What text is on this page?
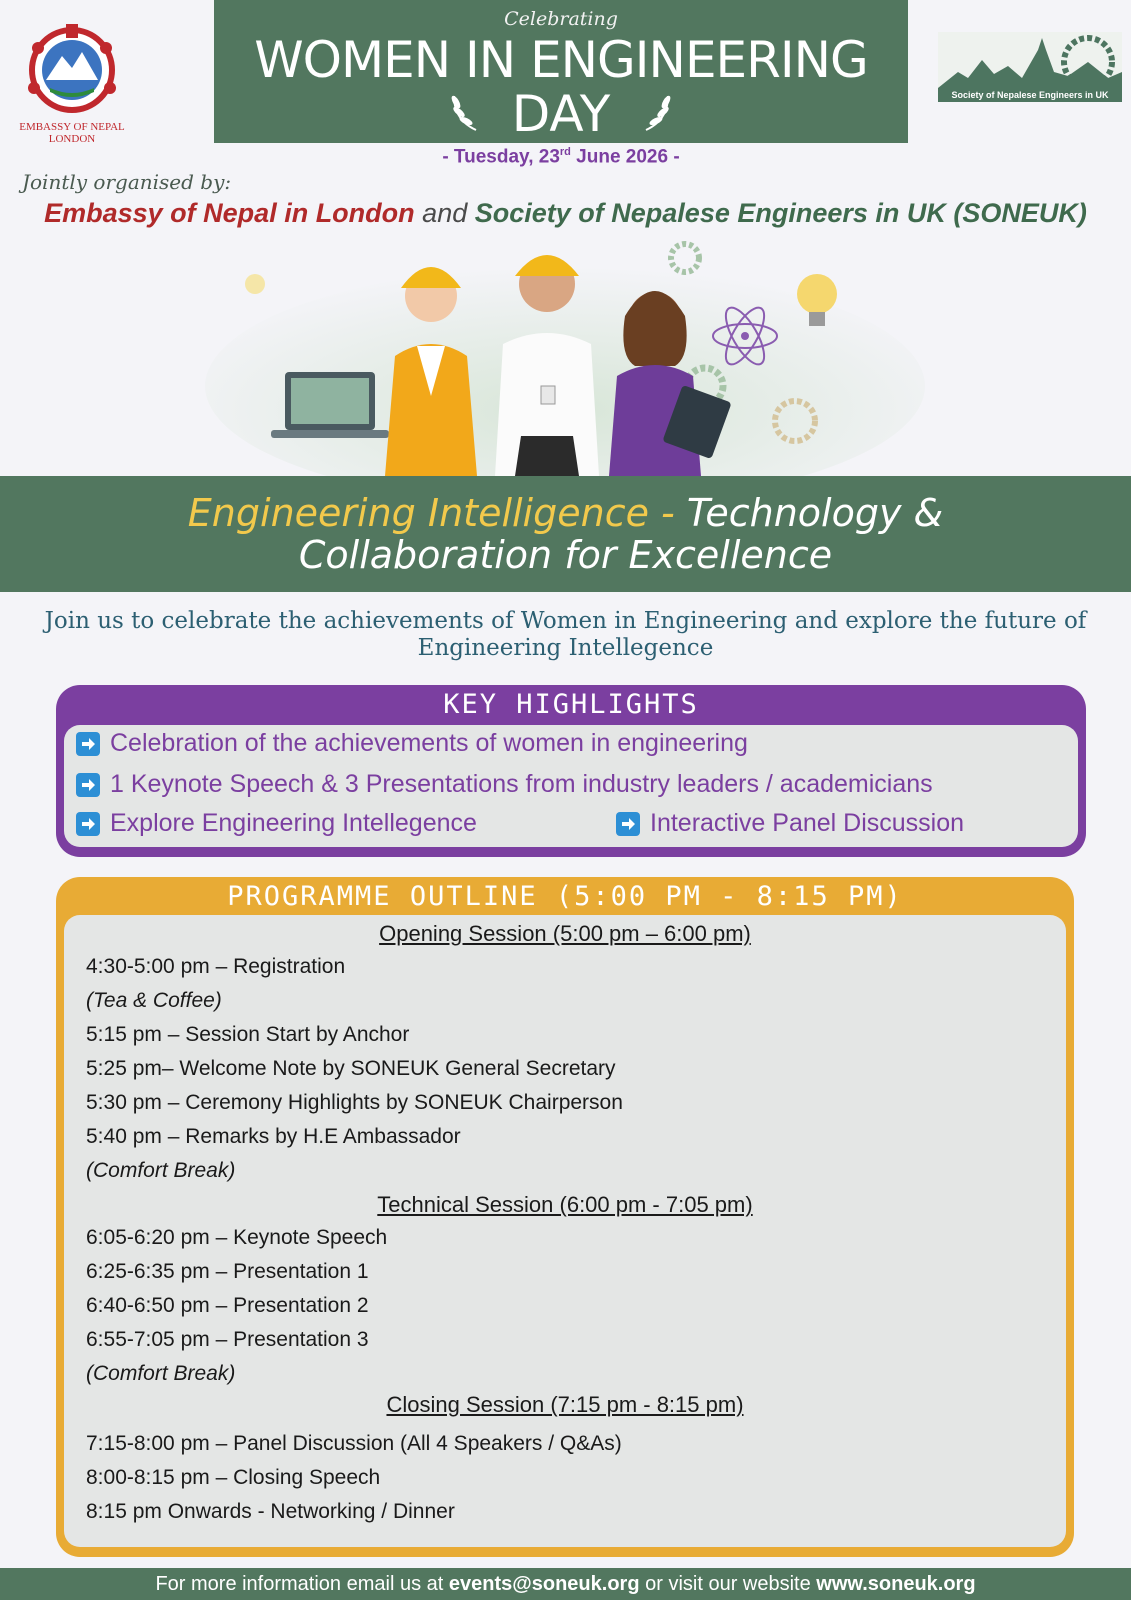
EMBASSY OF NEPAL
LONDON
Celebrating
WOMEN IN ENGINEERING
DAY
- Tuesday, 23rd June 2026 -
Society of Nepalese Engineers in UK
Jointly organised by:
Embassy of Nepal in London and Society of Nepalese Engineers in UK (SONEUK)
Engineering Intelligence - Technology &
Collaboration for Excellence
Join us to celebrate the achievements of Women in Engineering and explore the future of
Engineering Intellegence
KEY HIGHLIGHTS
Celebration of the achievements of women in engineering
1 Keynote Speech & 3 Presentations from industry leaders / academicians
Explore Engineering Intellegence	Interactive Panel Discussion
PROGRAMME OUTLINE (5:00 PM - 8:15 PM)
Opening Session (5:00 pm – 6:00 pm)
4:30-5:00 pm – Registration
(Tea & Coffee)
5:15 pm – Session Start by Anchor
5:25 pm– Welcome Note by SONEUK General Secretary
5:30 pm – Ceremony Highlights by SONEUK Chairperson
5:40 pm – Remarks by H.E Ambassador
(Comfort Break)
Technical Session (6:00 pm - 7:05 pm)
6:05-6:20 pm – Keynote Speech
6:25-6:35 pm – Presentation 1
6:40-6:50 pm – Presentation 2
6:55-7:05 pm – Presentation 3
(Comfort Break)
Closing Session (7:15 pm - 8:15 pm)
7:15-8:00 pm – Panel Discussion (All 4 Speakers / Q&As)
8:00-8:15 pm – Closing Speech
8:15 pm Onwards - Networking / Dinner
For more information email us at events@soneuk.org or visit our website www.soneuk.org
